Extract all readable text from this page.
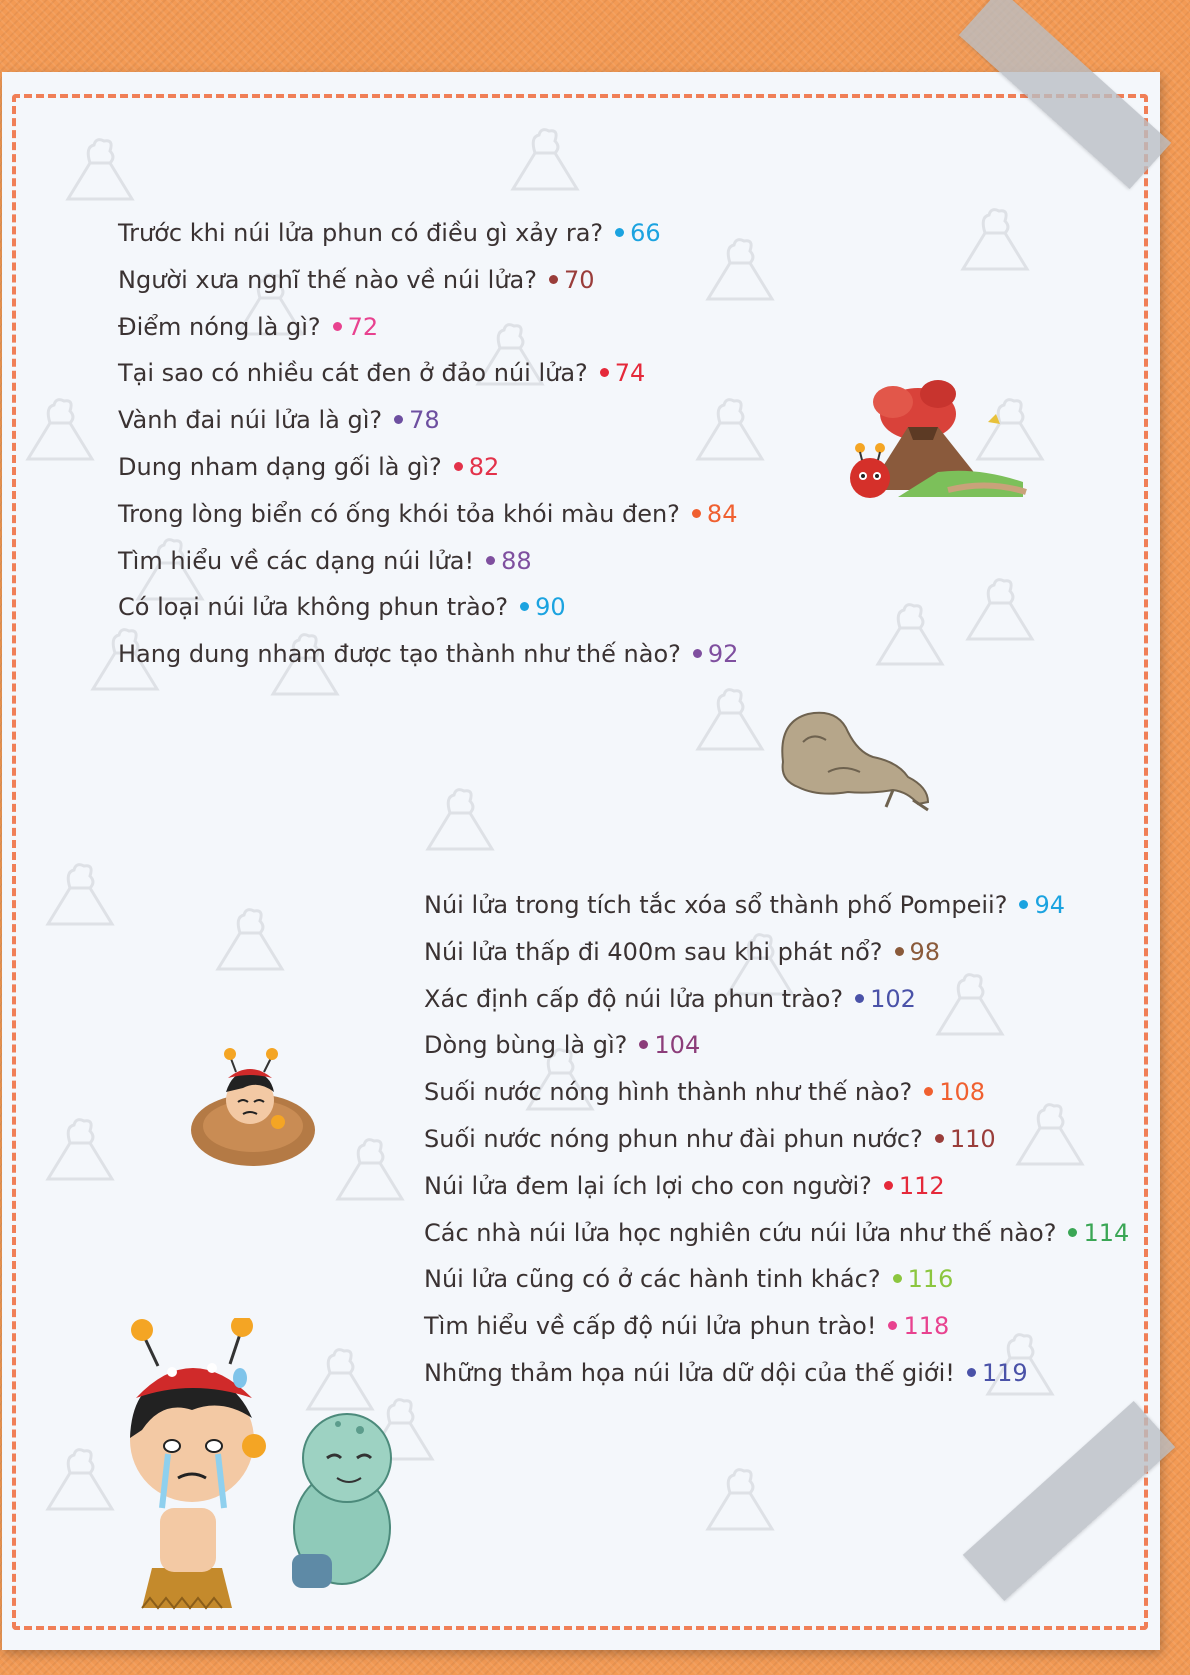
Trước khi núi lửa phun có điều gì xảy ra? 66
Người xưa nghĩ thế nào về núi lửa? 70
Điểm nóng là gì? 72
Tại sao có nhiều cát đen ở đảo núi lửa? 74
Vành đai núi lửa là gì? 78
Dung nham dạng gối là gì? 82
Trong lòng biển có ống khói tỏa khói màu đen? 84
Tìm hiểu về các dạng núi lửa! 88
Có loại núi lửa không phun trào? 90
Hang dung nham được tạo thành như thế nào? 92
Núi lửa trong tích tắc xóa sổ thành phố Pompeii? 94
Núi lửa thấp đi 400m sau khi phát nổ? 98
Xác định cấp độ núi lửa phun trào? 102
Dòng bùng là gì? 104
Suối nước nóng hình thành như thế nào? 108
Suối nước nóng phun như đài phun nước? 110
Núi lửa đem lại ích lợi cho con người? 112
Các nhà núi lửa học nghiên cứu núi lửa như thế nào? 114
Núi lửa cũng có ở các hành tinh khác? 116
Tìm hiểu về cấp độ núi lửa phun trào! 118
Những thảm họa núi lửa dữ dội của thế giới! 119
